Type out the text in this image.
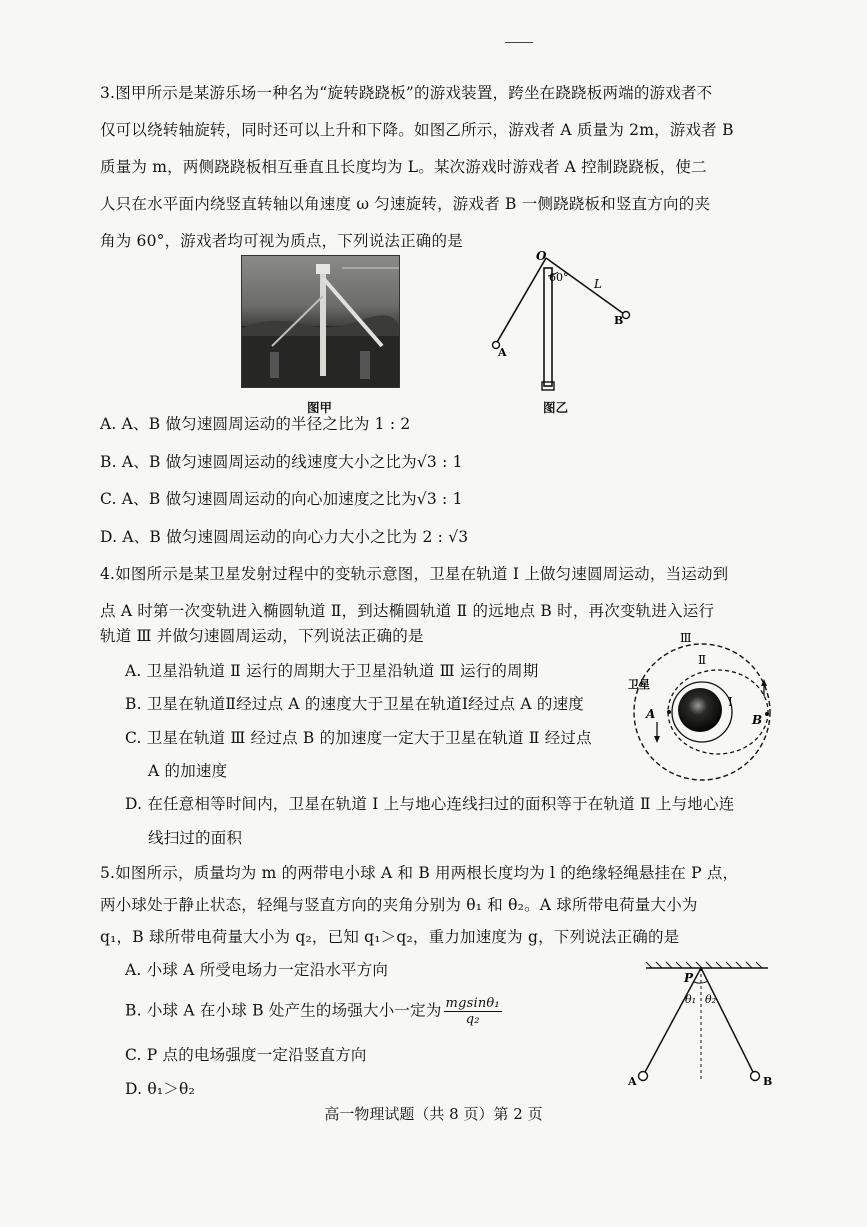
3.图甲所示是某游乐场一种名为“旋转跷跷板”的游戏装置，跨坐在跷跷板两端的游戏者不
仅可以绕转轴旋转，同时还可以上升和下降。如图乙所示，游戏者 A 质量为 2m，游戏者 B
质量为 m，两侧跷跷板相互垂直且长度均为 L。某次游戏时游戏者 A 控制跷跷板，使二
人只在水平面内绕竖直转轴以角速度 ω 匀速旋转，游戏者 B 一侧跷跷板和竖直方向的夹
角为 60°，游戏者均可视为质点，下列说法正确的是
图甲
O
60° L
A
B
图乙
A. A、B 做匀速圆周运动的半径之比为 1 : 2
B. A、B 做匀速圆周运动的线速度大小之比为√3 : 1
C. A、B 做匀速圆周运动的向心加速度之比为√3 : 1
D. A、B 做匀速圆周运动的向心力大小之比为 2 : √3
4.如图所示是某卫星发射过程中的变轨示意图，卫星在轨道 Ⅰ 上做匀速圆周运动，当运动到
点 A 时第一次变轨进入椭圆轨道 Ⅱ，到达椭圆轨道 Ⅱ 的远地点 B 时，再次变轨进入运行
轨道 Ⅲ 并做匀速圆周运动，下列说法正确的是
A. 卫星沿轨道 Ⅱ 运行的周期大于卫星沿轨道 Ⅲ 运行的周期
B. 卫星在轨道Ⅱ经过点 A 的速度大于卫星在轨道Ⅰ经过点 A 的速度
C. 卫星在轨道 Ⅲ 经过点 B 的加速度一定大于卫星在轨道 Ⅱ 经过点
A 的加速度
D. 在任意相等时间内，卫星在轨道 Ⅰ 上与地心连线扫过的面积等于在轨道 Ⅱ 上与地心连
线扫过的面积
Ⅲ
Ⅱ
Ⅰ
卫星
A	B
5.如图所示，质量均为 m 的两带电小球 A 和 B 用两根长度均为 l 的绝缘轻绳悬挂在 P 点，
两小球处于静止状态，轻绳与竖直方向的夹角分别为 θ₁ 和 θ₂。A 球所带电荷量大小为
q₁，B 球所带电荷量大小为 q₂，已知 q₁＞q₂，重力加速度为 g，下列说法正确的是
A. 小球 A 所受电场力一定沿水平方向
B. 小球 A 在小球 B 处产生的场强大小一定为 $\frac{\text{mgsinθ₁}}{\text{q₂}}$
C. P 点的电场强度一定沿竖直方向
D. θ₁＞θ₂
P
θ₁ θ₂
A	B
高一物理试题（共 8 页）第 2 页
